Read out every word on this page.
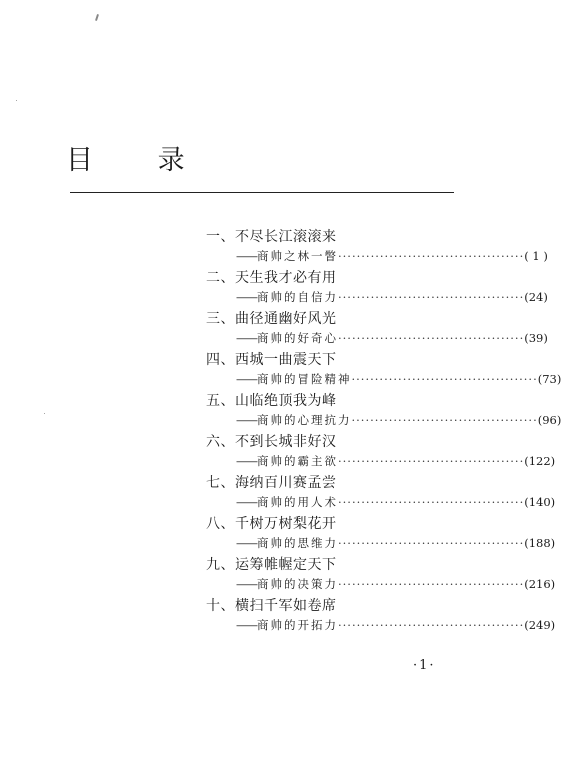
目 录
一、不尽长江滚滚来
—— 商帅之林一瞥 ········································ ( 1 )
二、天生我才必有用
—— 商帅的自信力 ········································ (24)
三、曲径通幽好风光
—— 商帅的好奇心 ········································ (39)
四、西城一曲震天下
—— 商帅的冒险精神 ········································ (73)
五、山临绝顶我为峰
—— 商帅的心理抗力 ········································ (96)
六、不到长城非好汉
—— 商帅的霸主欲 ········································ (122)
七、海纳百川赛孟尝
—— 商帅的用人术 ········································ (140)
八、千树万树梨花开
—— 商帅的思维力 ········································ (188)
九、运筹帷幄定天下
—— 商帅的决策力 ········································ (216)
十、横扫千军如卷席
—— 商帅的开拓力 ········································ (249)
·1·
